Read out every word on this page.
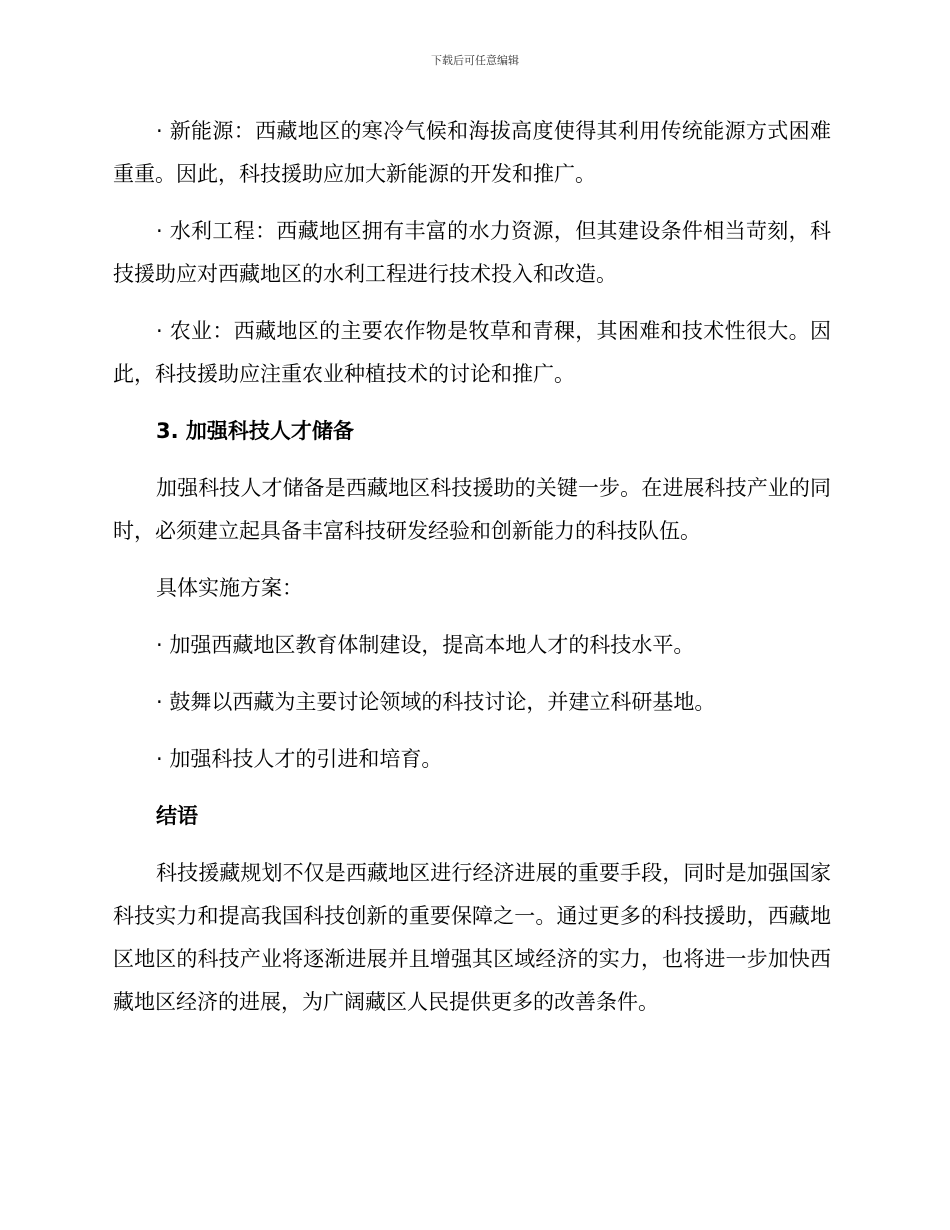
下载后可任意编辑

· 新能源：西藏地区的寒冷气候和海拔高度使得其利用传统能源方式困难重重。因此，科技援助应加大新能源的开发和推广。

· 水利工程：西藏地区拥有丰富的水力资源，但其建设条件相当苛刻，科技援助应对西藏地区的水利工程进行技术投入和改造。

· 农业：西藏地区的主要农作物是牧草和青稞，其困难和技术性很大。因此，科技援助应注重农业种植技术的讨论和推广。

3. 加强科技人才储备

加强科技人才储备是西藏地区科技援助的关键一步。在进展科技产业的同时，必须建立起具备丰富科技研发经验和创新能力的科技队伍。

具体实施方案：

· 加强西藏地区教育体制建设，提高本地人才的科技水平。

· 鼓舞以西藏为主要讨论领域的科技讨论，并建立科研基地。

· 加强科技人才的引进和培育。

结语

科技援藏规划不仅是西藏地区进行经济进展的重要手段，同时是加强国家科技实力和提高我国科技创新的重要保障之一。通过更多的科技援助，西藏地区地区的科技产业将逐渐进展并且增强其区域经济的实力，也将进一步加快西藏地区经济的进展，为广阔藏区人民提供更多的改善条件。
